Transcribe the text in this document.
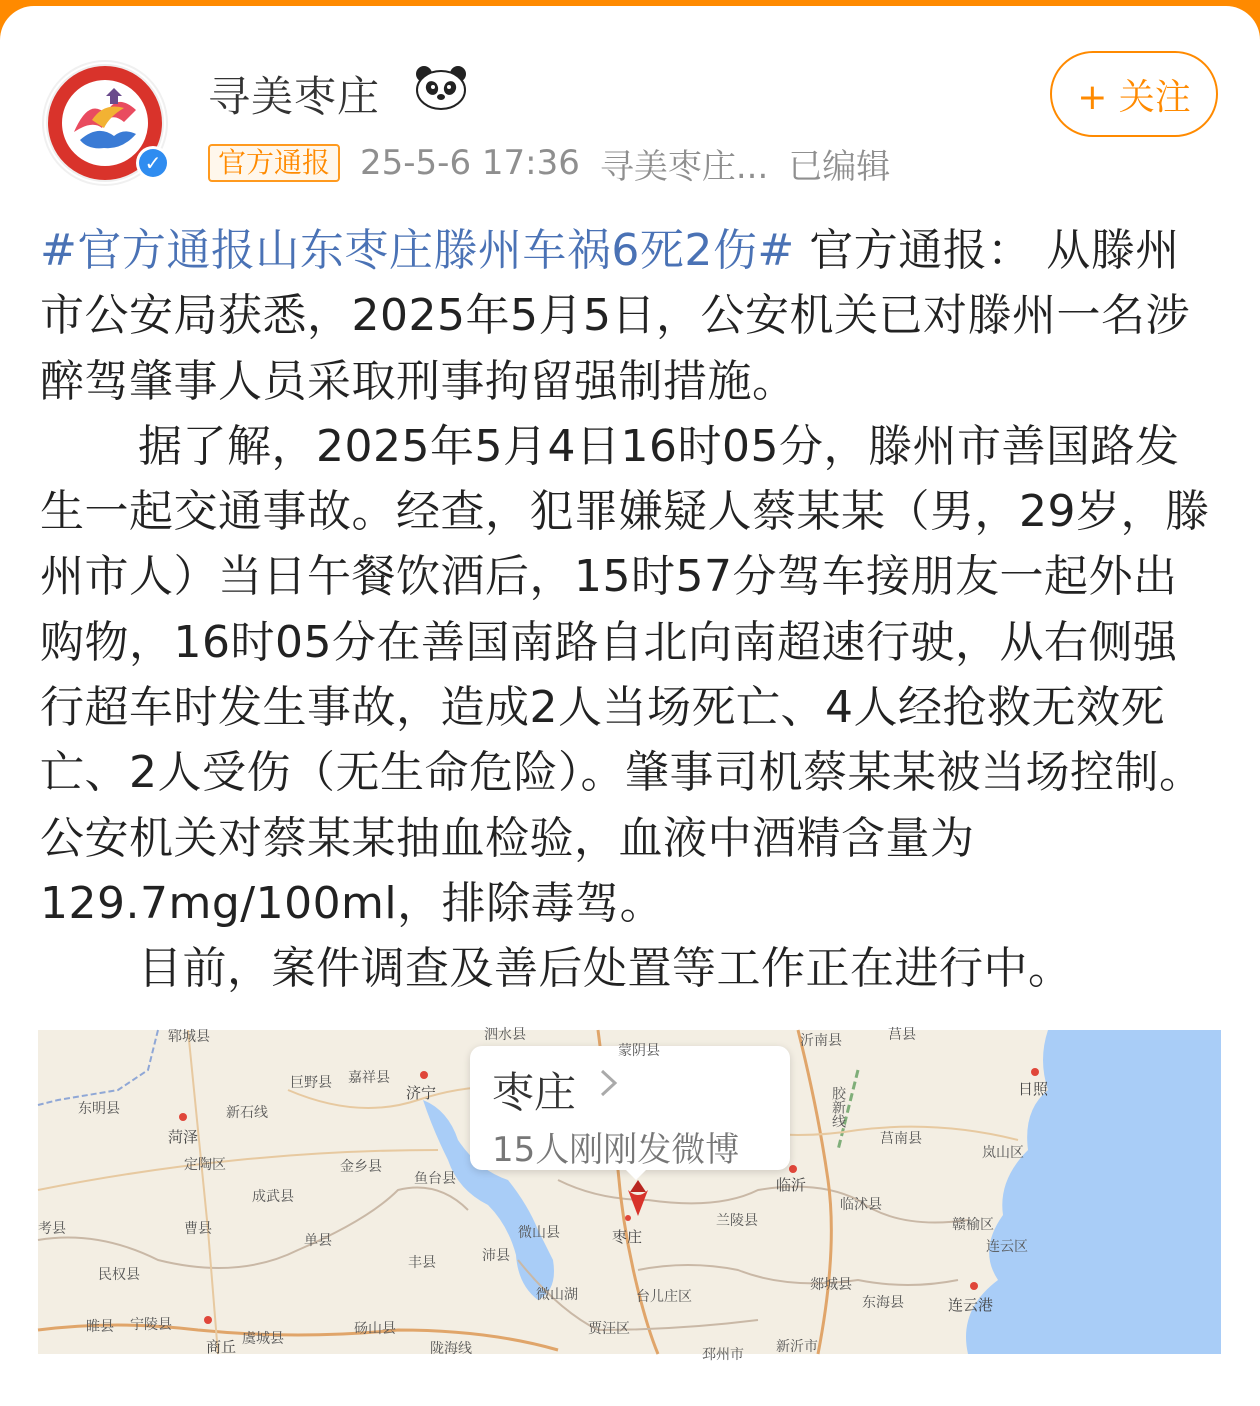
✓
寻美枣庄	+ 关注
官方通报 25-5-6 17:36 寻美枣庄... 已编辑

#官方通报山东枣庄滕州车祸6死2伤# 官方通报： 从滕州市公安局获悉，2025年5月5日，公安机关已对滕州一名涉醉驾肇事人员采取刑事拘留强制措施。

据了解，2025年5月4日16时05分，滕州市善国路发生一起交通事故。经查，犯罪嫌疑人蔡某某（男，29岁，滕州市人）当日午餐饮酒后，15时57分驾车接朋友一起外出购物，16时05分在善国南路自北向南超速行驶，从右侧强行超车时发生事故，造成2人当场死亡、4人经抢救无效死亡、2人受伤（无生命危险）。肇事司机蔡某某被当场控制。公安机关对蔡某某抽血检验，血液中酒精含量为129.7mg/100ml，排除毒驾。

目前，案件调查及善后处置等工作正在进行中。

枣庄
15人刚刚发微博
郓城县
东明县
菏泽
定陶区
巨野县 嘉祥县
新石线
济宁
金乡县
成武县
鱼台县
考县	曹县
单县
丰县	沛县
微山县
微山湖
民权县
睢县 宁陵县
商丘 虞城县
砀山县
陇海线
枣庄
台儿庄区
贾汪区
邳州市 新沂市
兰陵县
临沂
临沭县
郯城县
东海县
莒南县
沂南县
日照
岚山区
赣榆区
连云区
连云港
胶新线
泗水县
蒙阴县
莒县
